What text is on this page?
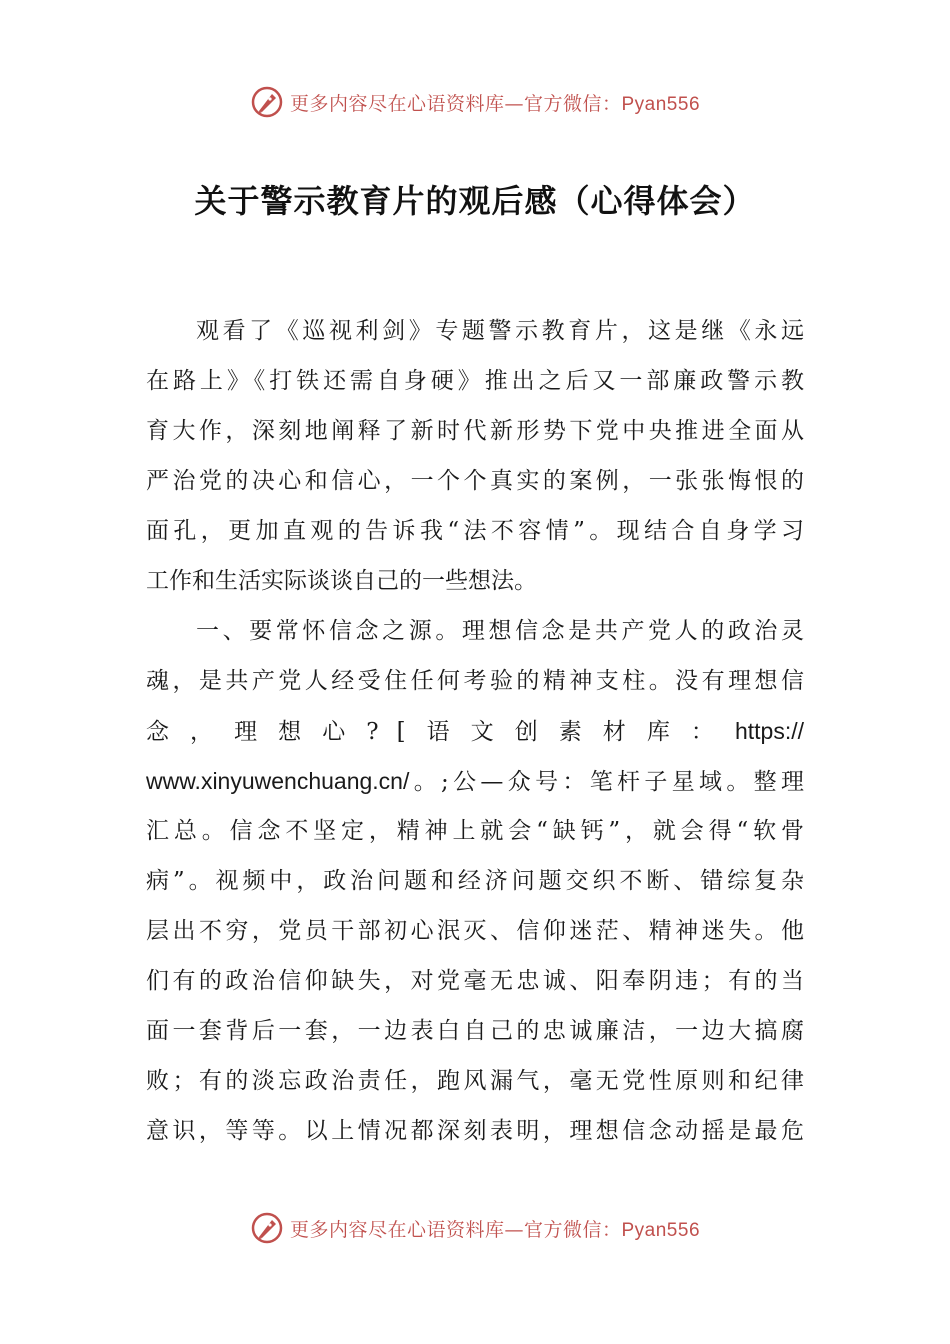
更多内容尽在心语资料库—官方微信：Pyan556
关于警示教育片的观后感（心得体会）
观看了《巡视利剑》专题警示教育片，这是继《永远
在路上》《打铁还需自身硬》推出之后又一部廉政警示教
育大作，深刻地阐释了新时代新形势下党中央推进全面从
严治党的决心和信心，一个个真实的案例，一张张悔恨的
面孔，更加直观的告诉我“法不容情”。现结合自身学习
工作和生活实际谈谈自己的一些想法。
一、要常怀信念之源。理想信念是共产党人的政治灵
魂，是共产党人经受住任何考验的精神支柱。没有理想信
念，理想心?[语文创素材库：https://
www.xinyuwenchuang.cn/。;公—众号：笔杆子星域。整理
汇总。信念不坚定，精神上就会“缺钙”，就会得“软骨
病”。视频中，政治问题和经济问题交织不断、错综复杂
层出不穷，党员干部初心泯灭、信仰迷茫、精神迷失。他
们有的政治信仰缺失，对党毫无忠诚、阳奉阴违；有的当
面一套背后一套，一边表白自己的忠诚廉洁，一边大搞腐
败；有的淡忘政治责任，跑风漏气，毫无党性原则和纪律
意识，等等。以上情况都深刻表明，理想信念动摇是最危
更多内容尽在心语资料库—官方微信：Pyan556
